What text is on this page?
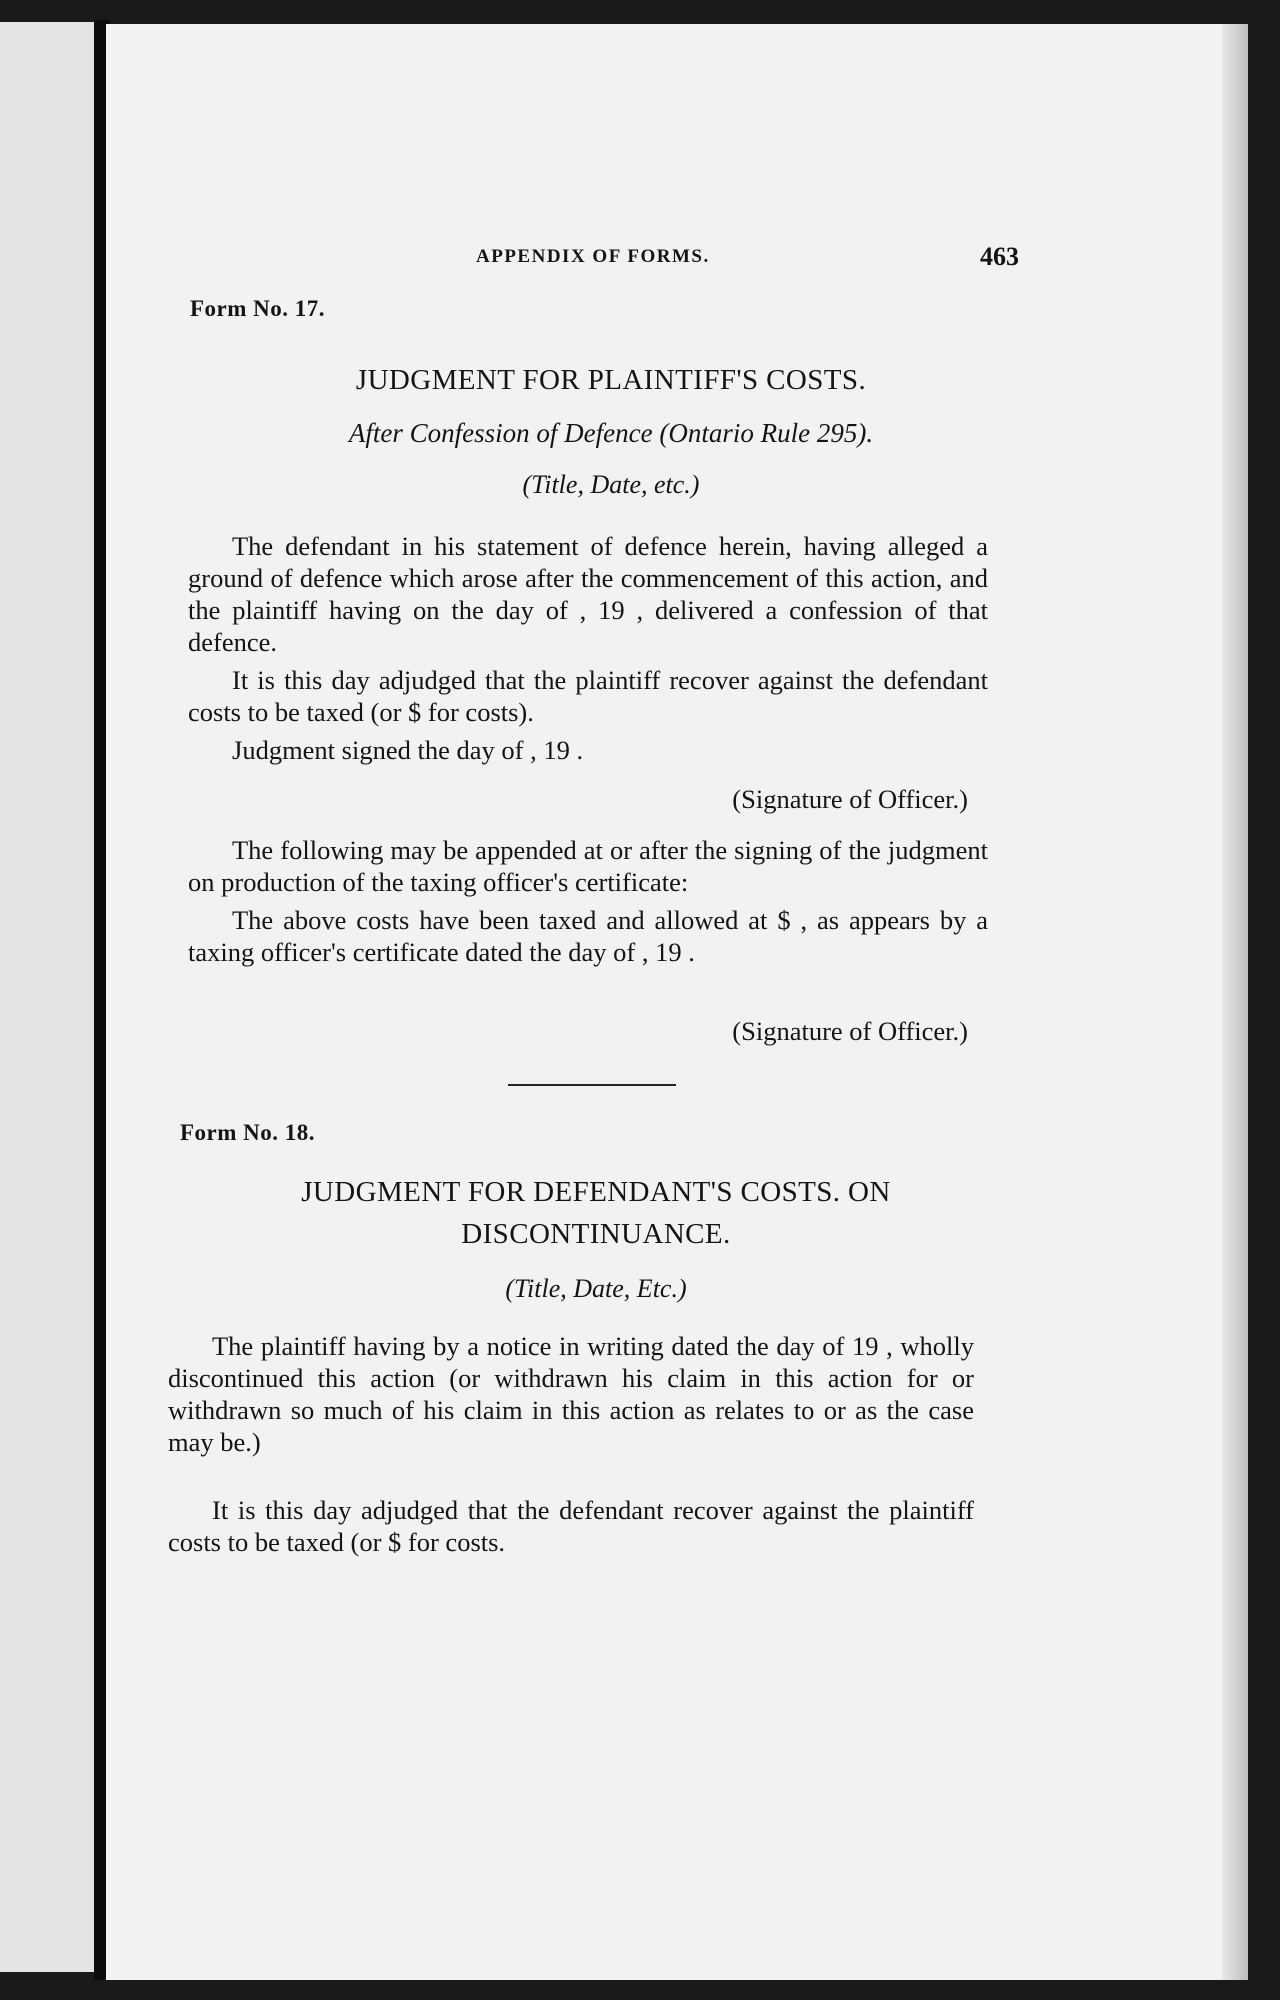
APPENDIX OF FORMS.	463
Form No. 17.
JUDGMENT FOR PLAINTIFF'S COSTS.
After Confession of Defence (Ontario Rule 295).
(Title, Date, etc.)
The defendant in his statement of defence herein, having alleged a ground of defence which arose after the commencement of this action, and the plaintiff having on the day of , 19 , delivered a confession of that defence.
It is this day adjudged that the plaintiff recover against the defendant costs to be taxed (or $ for costs).
Judgment signed the day of , 19 .
(Signature of Officer.)
The following may be appended at or after the signing of the judgment on production of the taxing officer's certificate:
The above costs have been taxed and allowed at $ , as appears by a taxing officer's certificate dated the day of , 19 .
(Signature of Officer.)
Form No. 18.
JUDGMENT FOR DEFENDANT'S COSTS. ON
DISCONTINUANCE.
(Title, Date, Etc.)
The plaintiff having by a notice in writing dated the day of 19 , wholly discontinued this action (or withdrawn his claim in this action for or withdrawn so much of his claim in this action as relates to or as the case may be.)
It is this day adjudged that the defendant recover against the plaintiff costs to be taxed (or $ for costs.
